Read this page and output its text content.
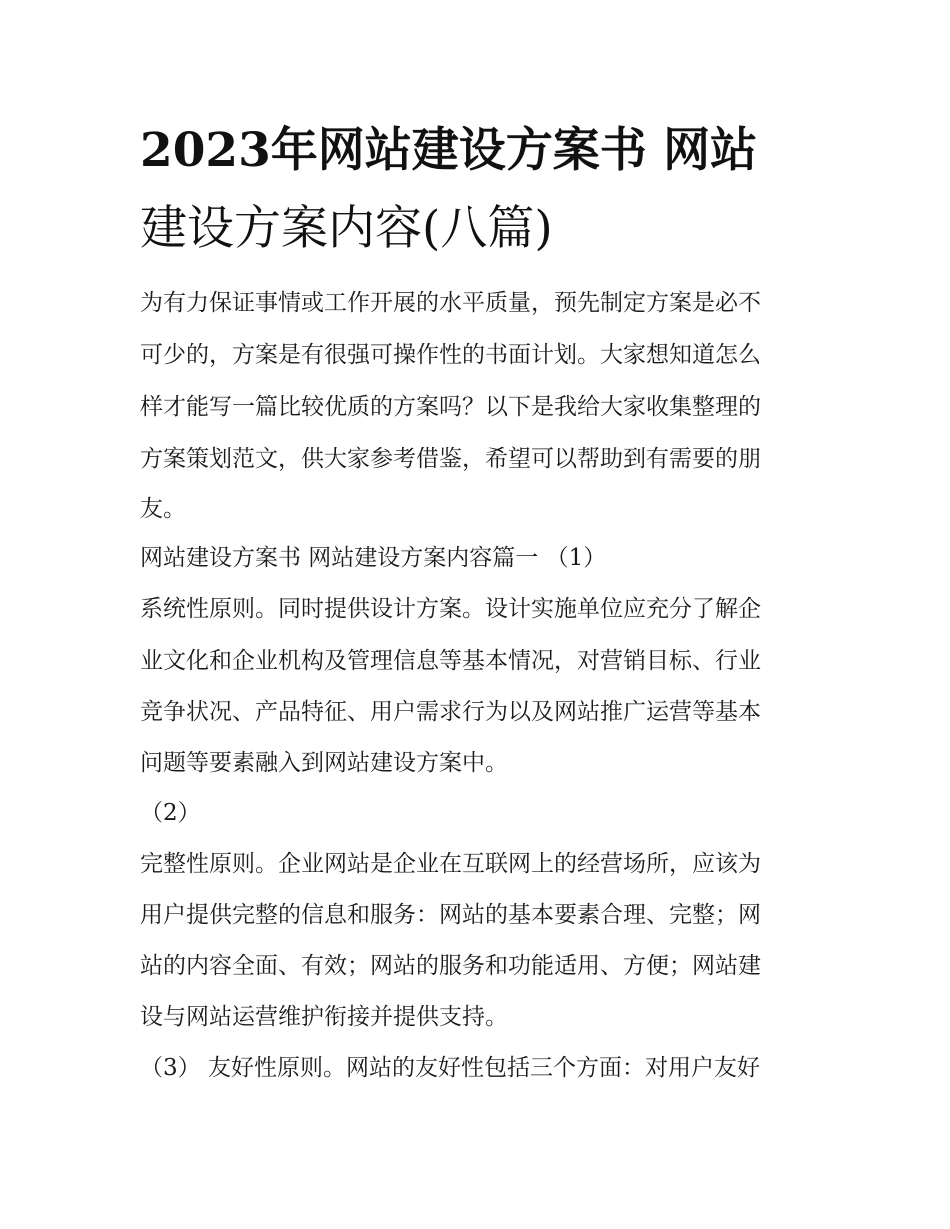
2023年网站建设方案书 网站
建设方案内容(八篇)
为有力保证事情或工作开展的水平质量，预先制定方案是必不
可少的，方案是有很强可操作性的书面计划。大家想知道怎么
样才能写一篇比较优质的方案吗？以下是我给大家收集整理的
方案策划范文，供大家参考借鉴，希望可以帮助到有需要的朋
友。
网站建设方案书 网站建设方案内容篇一 （1）
系统性原则。同时提供设计方案。设计实施单位应充分了解企
业文化和企业机构及管理信息等基本情况，对营销目标、行业
竞争状况、产品特征、用户需求行为以及网站推广运营等基本
问题等要素融入到网站建设方案中。
（2）
完整性原则。企业网站是企业在互联网上的经营场所，应该为
用户提供完整的信息和服务：网站的基本要素合理、完整；网
站的内容全面、有效；网站的服务和功能适用、方便；网站建
设与网站运营维护衔接并提供支持。
（3） 友好性原则。网站的友好性包括三个方面：对用户友好
